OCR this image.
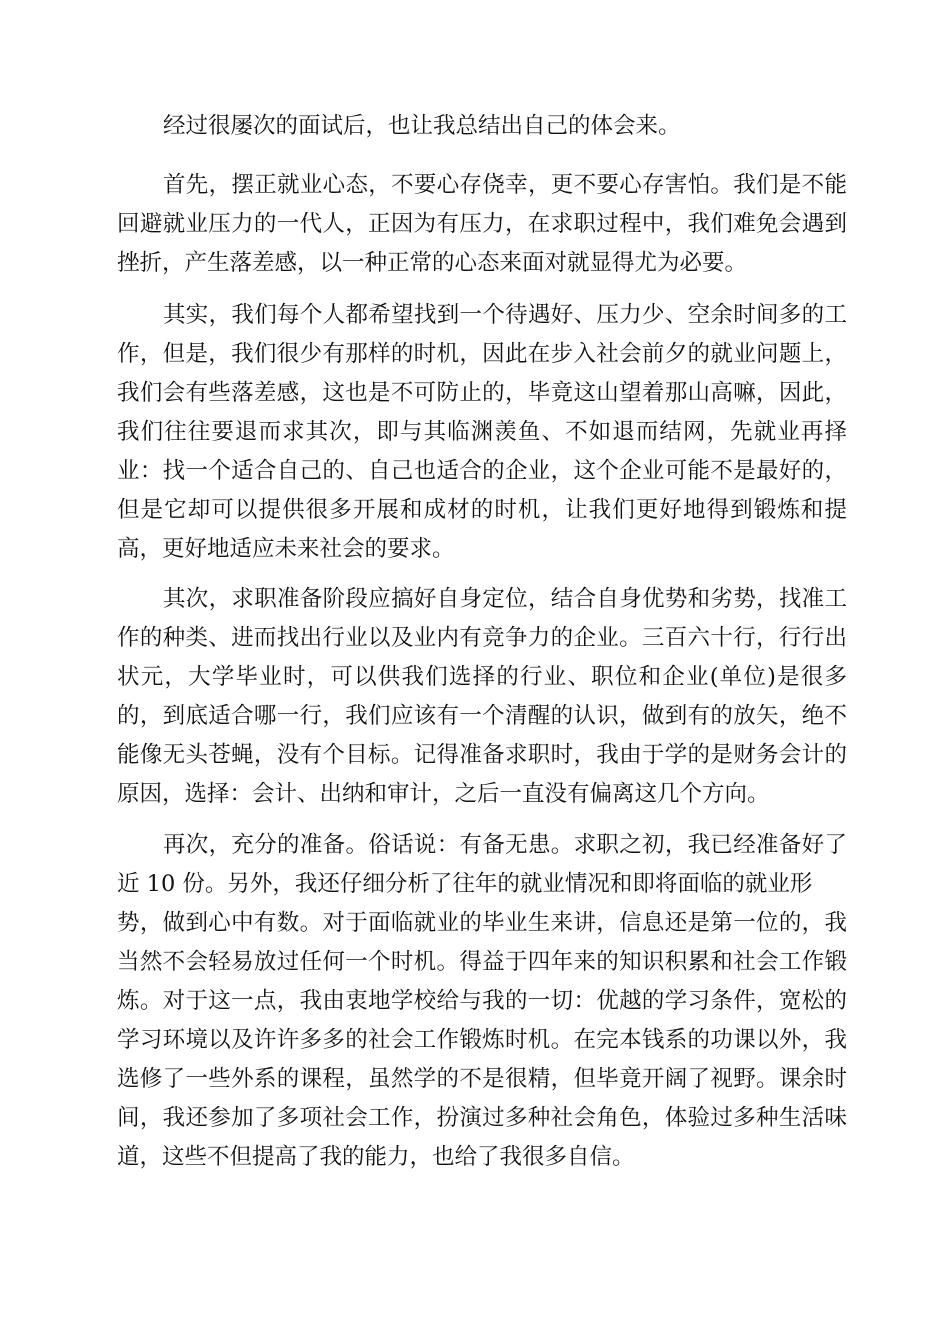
经过很屡次的面试后，也让我总结出自己的体会来。
首先，摆正就业心态，不要心存侥幸，更不要心存害怕。我们是不能
回避就业压力的一代人，正因为有压力，在求职过程中，我们难免会遇到
挫折，产生落差感，以一种正常的心态来面对就显得尤为必要。
其实，我们每个人都希望找到一个待遇好、压力少、空余时间多的工
作，但是，我们很少有那样的时机，因此在步入社会前夕的就业问题上，
我们会有些落差感，这也是不可防止的，毕竟这山望着那山高嘛，因此，
我们往往要退而求其次，即与其临渊羡鱼、不如退而结网，先就业再择
业：找一个适合自己的、自己也适合的企业，这个企业可能不是最好的，
但是它却可以提供很多开展和成材的时机，让我们更好地得到锻炼和提
高，更好地适应未来社会的要求。
其次，求职准备阶段应搞好自身定位，结合自身优势和劣势，找准工
作的种类、进而找出行业以及业内有竞争力的企业。三百六十行，行行出
状元，大学毕业时，可以供我们选择的行业、职位和企业(单位)是很多
的，到底适合哪一行，我们应该有一个清醒的认识，做到有的放矢，绝不
能像无头苍蝇，没有个目标。记得准备求职时，我由于学的是财务会计的
原因，选择：会计、出纳和审计，之后一直没有偏离这几个方向。
再次，充分的准备。俗话说：有备无患。求职之初，我已经准备好了
近 10 份。另外，我还仔细分析了往年的就业情况和即将面临的就业形
势，做到心中有数。对于面临就业的毕业生来讲，信息还是第一位的，我
当然不会轻易放过任何一个时机。得益于四年来的知识积累和社会工作锻
炼。对于这一点，我由衷地学校给与我的一切：优越的学习条件，宽松的
学习环境以及许许多多的社会工作锻炼时机。在完本钱系的功课以外，我
选修了一些外系的课程，虽然学的不是很精，但毕竟开阔了视野。课余时
间，我还参加了多项社会工作，扮演过多种社会角色，体验过多种生活味
道，这些不但提高了我的能力，也给了我很多自信。
